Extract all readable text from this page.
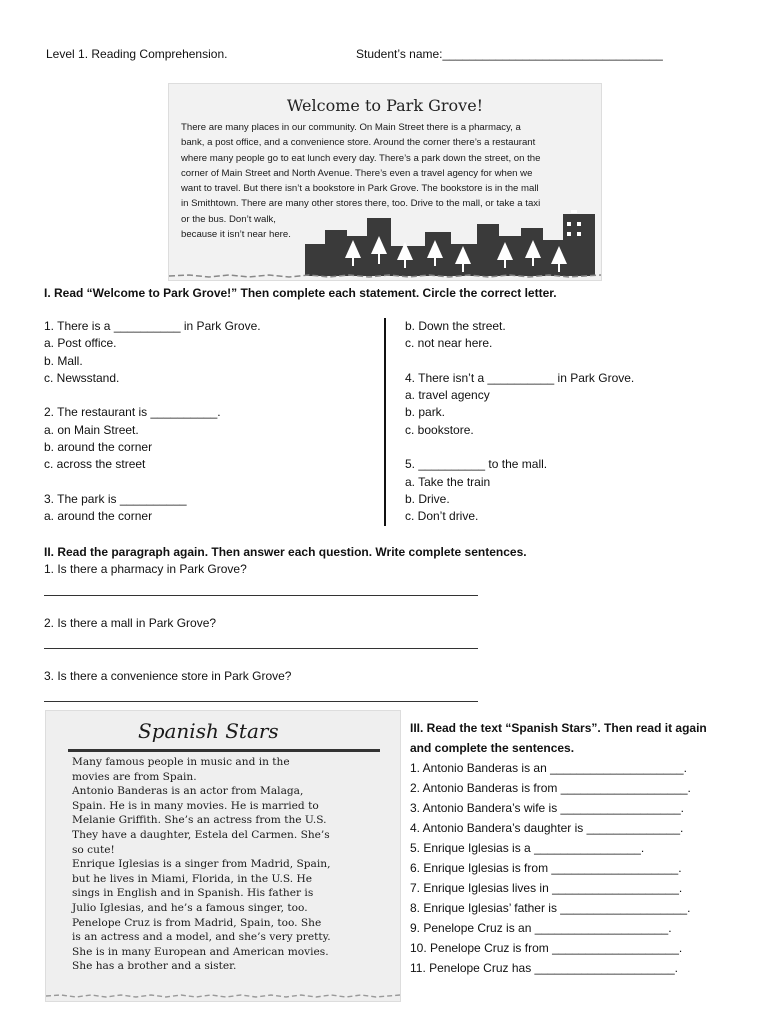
Level 1. Reading Comprehension.	Student’s name:_________________________________
Welcome to Park Grove!
There are many places in our community. On Main Street there is a pharmacy, a
bank, a post office, and a convenience store. Around the corner there’s a restaurant
where many people go to eat lunch every day. There’s a park down the street, on the
corner of Main Street and North Avenue. There’s even a travel agency for when we
want to travel. But there isn’t a bookstore in Park Grove. The bookstore is in the mall
in Smithtown. There are many other stores there, too. Drive to the mall, or take a taxi
or the bus. Don’t walk,
because it isn’t near here.
I. Read “Welcome to Park Grove!” Then complete each statement. Circle the correct letter.
1. There is a __________ in Park Grove.
a. Post office.
b. Mall.
c. Newsstand.
2. The restaurant is __________.
a. on Main Street.
b. around the corner
c. across the street
3. The park is __________
a. around the corner
b. Down the street.
c. not near here.
4. There isn’t a __________ in Park Grove.
a. travel agency
b. park.
c. bookstore.
5. __________ to the mall.
a. Take the train
b. Drive.
c. Don’t drive.
II. Read the paragraph again. Then answer each question. Write complete sentences.
1. Is there a pharmacy in Park Grove?
2. Is there a mall in Park Grove?
3. Is there a convenience store in Park Grove?
Spanish Stars
Many famous people in music and in the
movies are from Spain.
Antonio Banderas is an actor from Malaga,
Spain. He is in many movies. He is married to
Melanie Griffith. She’s an actress from the U.S.
They have a daughter, Estela del Carmen. She’s
so cute!
Enrique Iglesias is a singer from Madrid, Spain,
but he lives in Miami, Florida, in the U.S. He
sings in English and in Spanish. His father is
Julio Iglesias, and he’s a famous singer, too.
Penelope Cruz is from Madrid, Spain, too. She
is an actress and a model, and she’s very pretty.
She is in many European and American movies.
She has a brother and a sister.
III. Read the text “Spanish Stars”. Then read it again
and complete the sentences.
1. Antonio Banderas is an ____________________.
2. Antonio Banderas is from ___________________.
3. Antonio Bandera’s wife is __________________.
4. Antonio Bandera’s daughter is ______________.
5. Enrique Iglesias is a ________________.
6. Enrique Iglesias is from ___________________.
7. Enrique Iglesias lives in ___________________.
8. Enrique Iglesias’ father is ___________________.
9. Penelope Cruz is an ____________________.
10. Penelope Cruz is from ___________________.
11. Penelope Cruz has _____________________.
